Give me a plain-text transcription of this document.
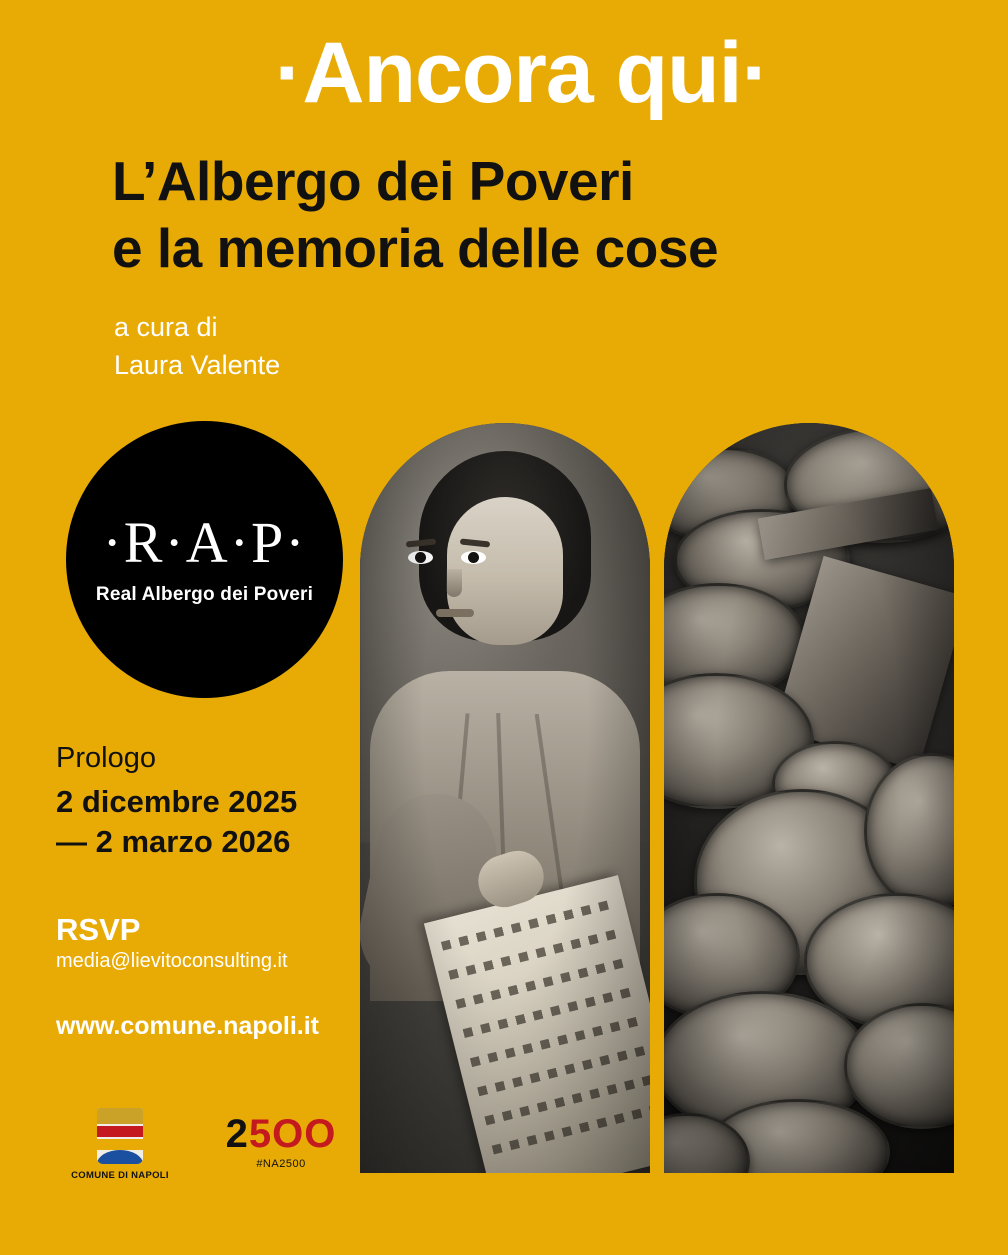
·Ancora qui·
L’Albergo dei Poveri
e la memoria delle cose
a cura di
Laura Valente
·R·A·P·
Real Albergo dei Poveri
Prologo
2 dicembre 2025
— 2 marzo 2026
RSVP
media@lievitoconsulting.it
www.comune.napoli.it
COMUNE DI NAPOLI
25OO
#NA2500
